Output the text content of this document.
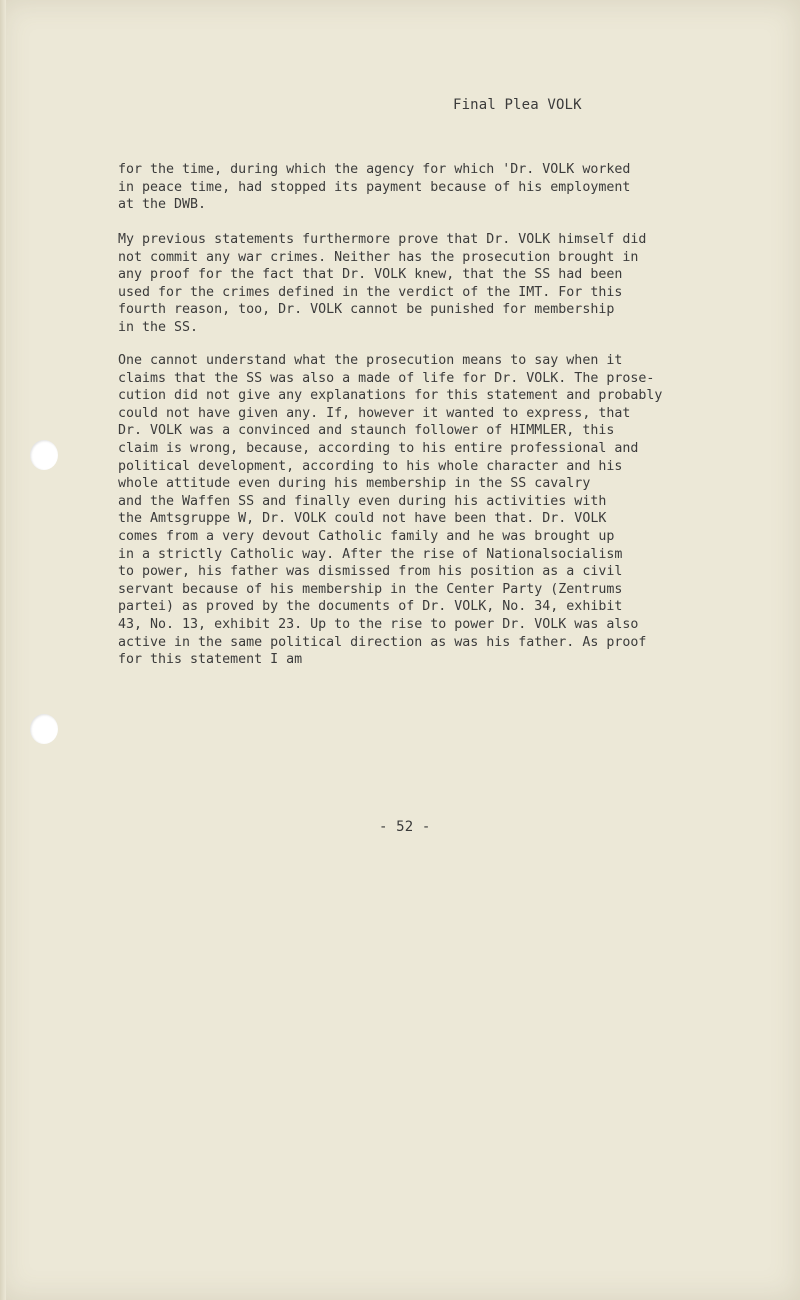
Final Plea VOLK
for the time, during which the agency for which 'Dr. VOLK worked
in peace time, had stopped its payment because of his employment
at the DWB.
My previous statements furthermore prove that Dr. VOLK himself did
not commit any war crimes. Neither has the prosecution brought in
any proof for the fact that Dr. VOLK knew, that the SS had been
used for the crimes defined in the verdict of the IMT. For this
fourth reason, too, Dr. VOLK cannot be punished for membership
in the SS.
One cannot understand what the prosecution means to say when it
claims that the SS was also a made of life for Dr. VOLK. The prose-
cution did not give any explanations for this statement and probably
could not have given any. If, however it wanted to express, that
Dr. VOLK was a convinced and staunch follower of HIMMLER, this
claim is wrong, because, according to his entire professional and
political development, according to his whole character and his
whole attitude even during his membership in the SS cavalry
and the Waffen SS and finally even during his activities with
the Amtsgruppe W, Dr. VOLK could not have been that. Dr. VOLK
comes from a very devout Catholic family and he was brought up
in a strictly Catholic way. After the rise of Nationalsocialism
to power, his father was dismissed from his position as a civil
servant because of his membership in the Center Party (Zentrums
partei) as proved by the documents of Dr. VOLK, No. 34, exhibit
43, No. 13, exhibit 23. Up to the rise to power Dr. VOLK was also
active in the same political direction as was his father. As proof
for this statement I am
- 52 -
